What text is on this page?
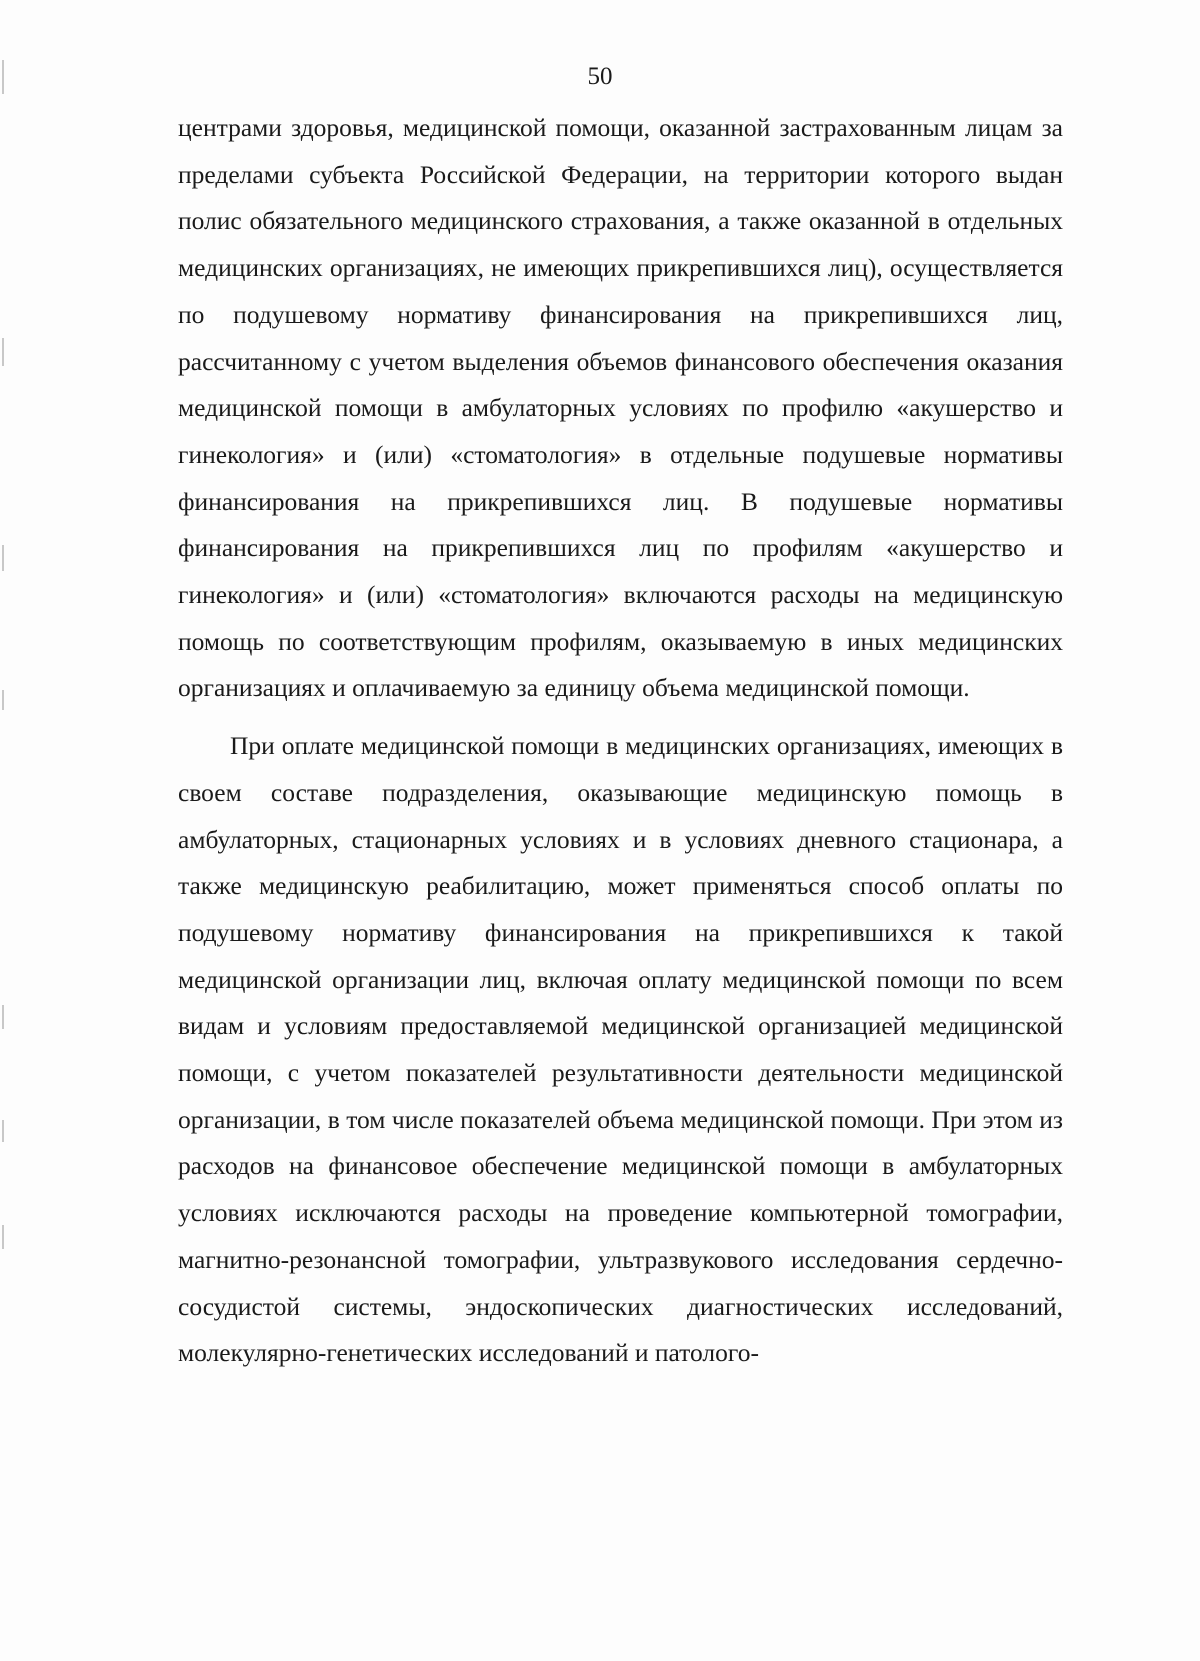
50

центрами здоровья, медицинской помощи, оказанной застрахованным лицам за пределами субъекта Российской Федерации, на территории которого выдан полис обязательного медицинского страхования, а также оказанной в отдельных медицинских организациях, не имеющих прикрепившихся лиц), осуществляется по подушевому нормативу финансирования на прикрепившихся лиц, рассчитанному с учетом выделения объемов финансового обеспечения оказания медицинской помощи в амбулаторных условиях по профилю «акушерство и гинекология» и (или) «стоматология» в отдельные подушевые нормативы финансирования на прикрепившихся лиц. В подушевые нормативы финансирования на прикрепившихся лиц по профилям «акушерство и гинекология» и (или) «стоматология» включаются расходы на медицинскую помощь по соответствующим профилям, оказываемую в иных медицинских организациях и оплачиваемую за единицу объема медицинской помощи.

При оплате медицинской помощи в медицинских организациях, имеющих в своем составе подразделения, оказывающие медицинскую помощь в амбулаторных, стационарных условиях и в условиях дневного стационара, а также медицинскую реабилитацию, может применяться способ оплаты по подушевому нормативу финансирования на прикрепившихся к такой медицинской организации лиц, включая оплату медицинской помощи по всем видам и условиям предоставляемой медицинской организацией медицинской помощи, с учетом показателей результативности деятельности медицинской организации, в том числе показателей объема медицинской помощи. При этом из расходов на финансовое обеспечение медицинской помощи в амбулаторных условиях исключаются расходы на проведение компьютерной томографии, магнитно-резонансной томографии, ультразвукового исследования сердечно-сосудистой системы, эндоскопических диагностических исследований, молекулярно-генетических исследований и патолого-
